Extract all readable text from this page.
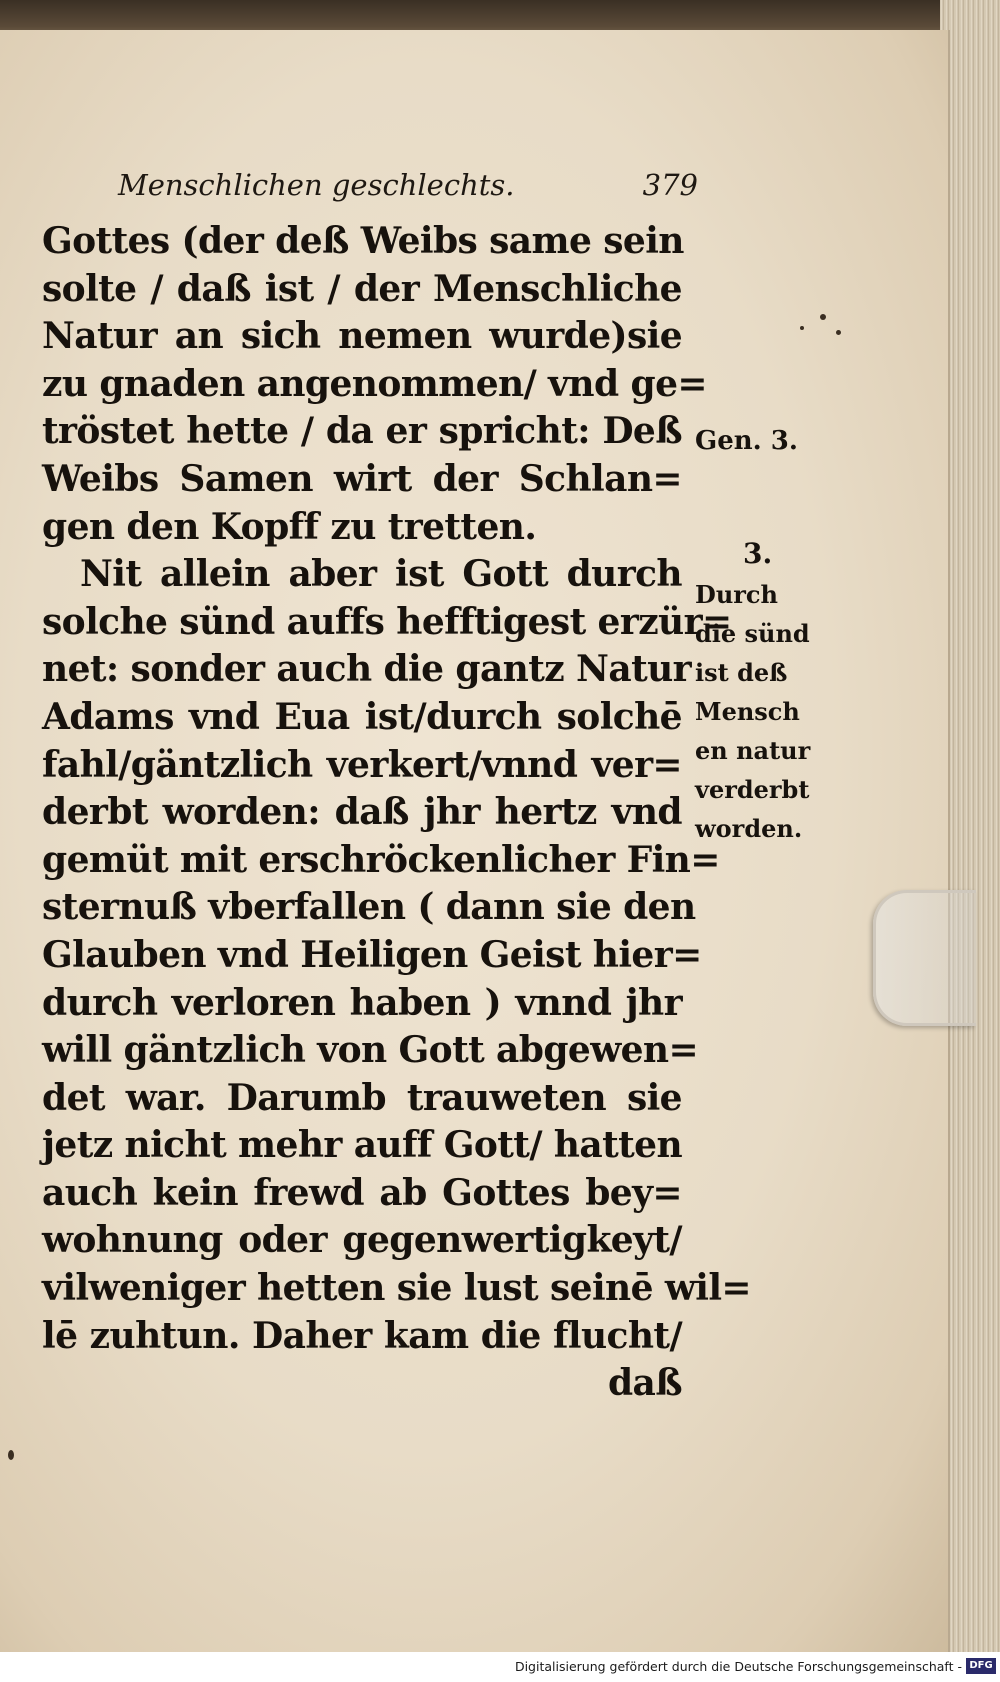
Menschlichen geschlechts.	379
Gottes (der deß Weibs same sein
solte / daß ist / der Menschliche
Natur an sich nemen wurde)sie
zu gnaden angenommen/ vnd ge=
tröstet hette / da er spricht: Deß
Weibs Samen wirt der Schlan=
gen den Kopff zu tretten.
Nit allein aber ist Gott durch
solche sünd auffs hefftigest erzür=
net: sonder auch die gantz Natur
Adams vnd Eua ist/durch solchē
fahl/gäntzlich verkert/vnnd ver=
derbt worden: daß jhr hertz vnd
gemüt mit erschröckenlicher Fin=
sternuß vberfallen ( dann sie den
Glauben vnd Heiligen Geist hier=
durch verloren haben ) vnnd jhr
will gäntzlich von Gott abgewen=
det war. Darumb trauweten sie
jetz nicht mehr auff Gott/ hatten
auch kein frewd ab Gottes bey=
wohnung oder gegenwertigkeyt/
vilweniger hetten sie lust seinē wil=
lē zuhtun. Daher kam die flucht/
daß
Gen. 3.
3.
Durch
die sünd
ist deß
Mensch
en natur
verderbt
worden.
Digitalisierung gefördert durch die Deutsche Forschungsgemeinschaft - DFG
